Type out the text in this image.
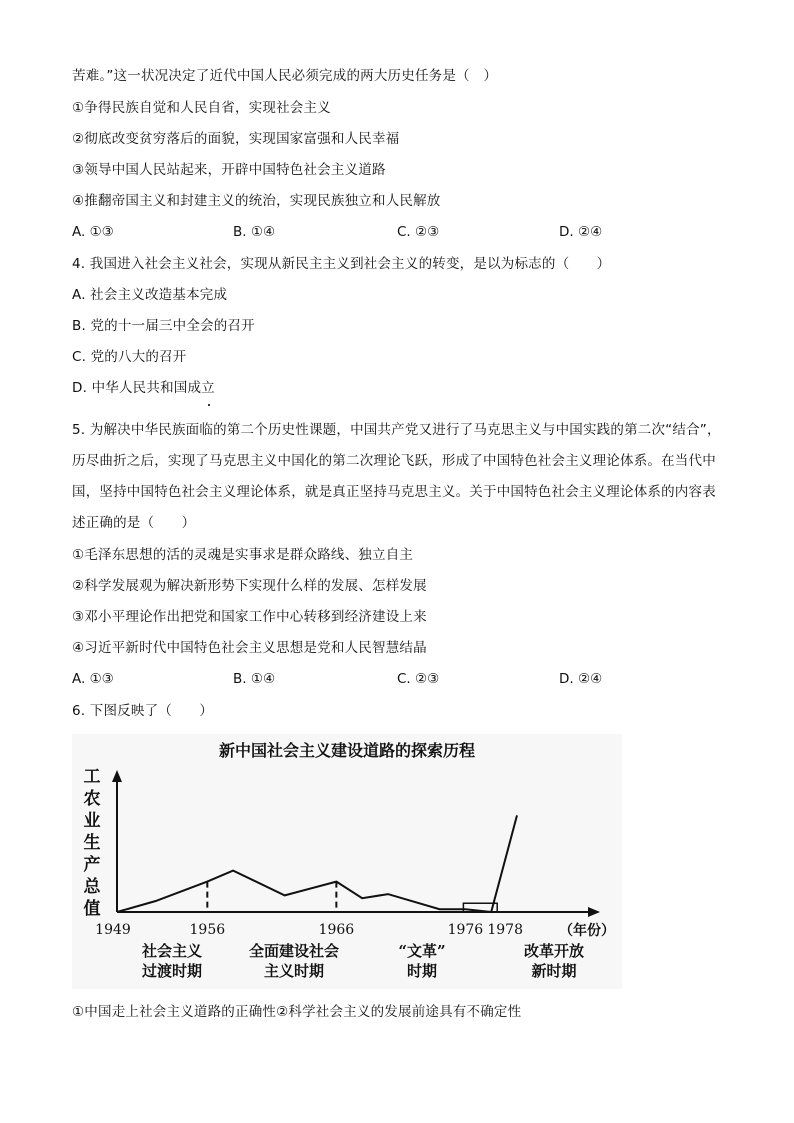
苦难。”这一状况决定了近代中国人民必须完成的两大历史任务是（　）
①争得民族自觉和人民自省，实现社会主义
②彻底改变贫穷落后的面貌，实现国家富强和人民幸福
③领导中国人民站起来，开辟中国特色社会主义道路
④推翻帝国主义和封建主义的统治，实现民族独立和人民解放
A. ①③	B. ①④	C. ②③	D. ②④
4. 我国进入社会主义社会，实现从新民主主义到社会主义的转变，是以为标志的（　　）
A. 社会主义改造基本完成
B. 党的十一届三中全会的召开
C. 党的八大的召开
D. 中华人民共和国成立
5. 为解决中华民族面临的第二个历史性课题，中国共产党又进行了马克思主义与中国实践的第二次“结合”，历尽曲折之后，实现了马克思主义中国化的第二次理论飞跃，形成了中国特色社会主义理论体系。在当代中国，坚持中国特色社会主义理论体系，就是真正坚持马克思主义。关于中国特色社会主义理论体系的内容表述正确的是（　　）
①毛泽东思想的活的灵魂是实事求是群众路线、独立自主
②科学发展观为解决新形势下实现什么样的发展、怎样发展
③邓小平理论作出把党和国家工作中心转移到经济建设上来
④习近平新时代中国特色社会主义思想是党和人民智慧结晶
A. ①③	B. ①④	C. ②③	D. ②④
6. 下图反映了（　　）
新中国社会主义建设道路的探索历程
工
农
业
生
产
总
值
（年份）
1949	1956	1966	1976 1978
社会主义
过渡时期
全面建设社会
主义时期
“文革”
时期
改革开放
新时期
①中国走上社会主义道路的正确性②科学社会主义的发展前途具有不确定性
